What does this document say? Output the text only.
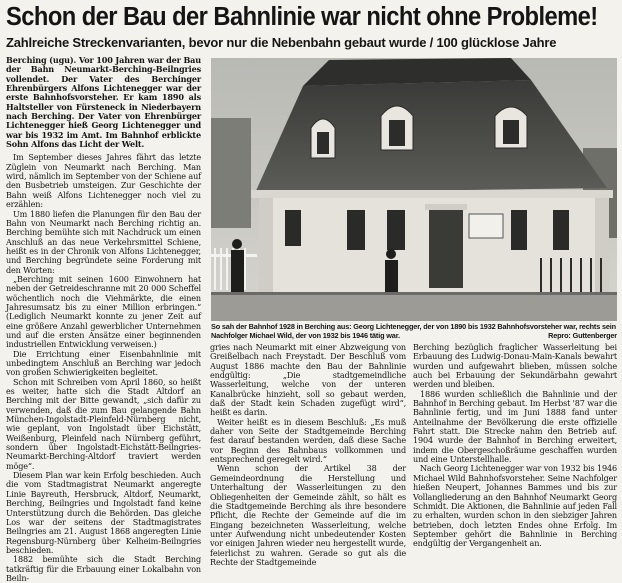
Schon der Bau der Bahnlinie war nicht ohne Probleme!
Zahlreiche Streckenvarianten, bevor nur die Nebenbahn gebaut wurde / 100 glücklose Jahre

Berching (ugu). Vor 100 Jahren war der Bau der Bahn Neumarkt-Berching-Beilngries vollendet. Der Vater des Berchinger Ehrenbürgers Alfons Lichtenegger war der erste Bahnhofsvorsteher. Er kam 1890 als Haltsteller von Fürsteneck in Niederbayern nach Berching. Der Vater von Ehrenbürger Lichtenegger hieß Georg Lichtenegger und war bis 1932 im Amt. Im Bahnhof erblickte Sohn Alfons das Licht der Welt.

Im September dieses Jahres fährt das letzte Züglein von Neumarkt nach Berching. Man wird, nämlich im September von der Schiene auf den Busbetrieb umsteigen. Zur Geschichte der Bahn weiß Alfons Lichtenegger noch viel zu erzählen:

Um 1880 liefen die Planungen für den Bau der Bahn von Neumarkt nach Berching richtig an. Berching bemühte sich mit Nachdruck um einen Anschluß an das neue Verkehrsmittel Schiene, heißt es in der Chronik von Alfons Lichtenegger, und Berching begründete seine Forderung mit den Worten:

„Berching mit seinen 1600 Einwohnern hat neben der Getreideschranne mit 20 000 Scheffel wöchentlich noch die Viehmärkte, die einen Jahresumsatz bis zu einer Million erbringen.“ (Lediglich Neumarkt konnte zu jener Zeit auf eine größere Anzahl gewerblicher Unternehmen und auf die ersten Ansätze einer beginnenden industriellen Entwicklung verweisen.)

Die Errichtung einer Eisenbahnlinie mit unbedingtem Anschluß an Berching war jedoch von großen Schwierigkeiten begleitet.

Schon mit Schreiben vom April 1860, so heißt es weiter, hatte sich die Stadt Altdorf an Berching mit der Bitte gewandt, „sich dafür zu verwenden, daß die zum Bau gelangende Bahn München-Ingolstadt-Pleinfeld-Nürnberg nicht, wie geplant, von Ingolstadt über Eichstätt, Weißenburg, Pleinfeld nach Nürnberg geführt, sondern über Ingolstadt-Eichstätt-Beilngries-Neumarkt-Berching-Altdorf traviert werden möge“.

Diesem Plan war kein Erfolg beschieden. Auch die vom Stadtmagistrat Neumarkt angeregte Linie Bayreuth, Hersbruck, Altdorf, Neumarkt, Berching, Beilngries und Ingolstadt fand keine Unterstützung durch die Behörden. Das gleiche Los war der seitens der Stadtmagistrates Beilngries am 21. August 1868 angeregten Linie Regensburg-Nürnberg über Kelheim-Beilngries beschieden.

1882 bemühte sich die Stadt Berching tatkräftig für die Erbauung einer Lokalbahn von Beiln-

So sah der Bahnhof 1928 in Berching aus: Georg Lichtenegger, der von 1890 bis 1932 Bahnhofsvorsteher war, rechts sein Nachfolger Michael Wild, der von 1932 bis 1946 tätig war.	Repro: Guttenberger

gries nach Neumarkt mit einer Abzweigung von Greißelbach nach Freystadt. Der Beschluß vom August 1886 machte den Bau der Bahnlinie endgültig: „Die stadtgemeindliche Wasserleitung, welche von der unteren Kanalbrücke hinzieht, soll so gebaut werden, daß der Stadt kein Schaden zugefügt wird“, heißt es darin.

Weiter heißt es in diesem Beschluß: „Es muß daher von Seite der Stadtgemeinde Berching fest darauf bestanden werden, daß diese Sache vor Beginn des Bahnbaus vollkommen und entsprechend geregelt wird.“

Wenn schon der Artikel 38 der Gemeindeordnung die Herstellung und Unterhaltung der Wasserleitungen zu den Obliegenheiten der Gemeinde zählt, so hält es die Stadtgemeinde Berching als ihre besondere Pflicht, die Rechte der Gemeinde auf die im Eingang bezeichneten Wasserleitung, welche unter Aufwendung nicht unbedeutender Kosten vor einigen Jahren wieder neu hergestellt wurde, feierlichst zu wahren. Gerade so gut als die Rechte der Stadtgemeinde

Berching bezüglich fraglicher Wasserleitung bei Erbauung des Ludwig-Donau-Main-Kanals bewahrt wurden und aufgewahrt blieben, müssen solche auch bei Erbauung der Sekundärbahn gewahrt werden und bleiben.

1886 wurden schließlich die Bahnlinie und der Bahnhof in Berching gebaut. Im Herbst '87 war die Bahnlinie fertig, und im Juni 1888 fand unter Anteilnahme der Bevölkerung die erste offizielle Fahrt statt. Die Strecke nahm den Betrieb auf. 1904 wurde der Bahnhof in Berching erweitert, indem die Obergeschoßräume geschaffen wurden und eine Unterstellhalle.

Nach Georg Lichtenegger war von 1932 bis 1946 Michael Wild Bahnhofsvorsteher. Seine Nachfolger hießen Neupert, Johannes Bammes und bis zur Vollangliederung an den Bahnhof Neumarkt Georg Schmidt. Die Aktionen, die Bahnlinie auf jeden Fall zu erhalten, wurden schon in den siebziger Jahren betrieben, doch letzten Endes ohne Erfolg. Im September gehört die Bahnlinie in Berching endgültig der Vergangenheit an.
